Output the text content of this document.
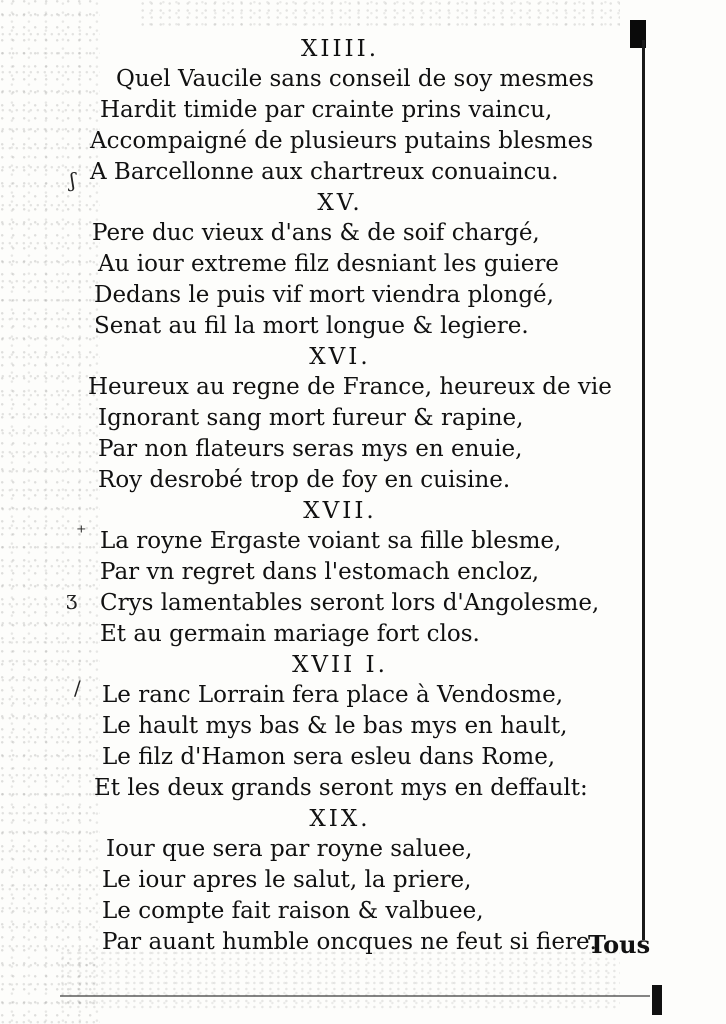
ʃ
⁺
ʒ
/
XIIII.
Quel Vaucile sans conseil de soy mesmes
Hardit timide par crainte prins vaincu,
Accompaigné de plusieurs putains blesmes
A Barcellonne aux chartreux conuaincu.
XV.
Pere duc vieux d'ans & de soif chargé,
Au iour extreme filz desniant les guiere
Dedans le puis vif mort viendra plongé,
Senat au fil la mort longue & legiere.
XVI.
Heureux au regne de France, heureux de vie
Ignorant sang mort fureur & rapine,
Par non flateurs seras mys en enuie,
Roy desrobé trop de foy en cuisine.
XVII.
La royne Ergaste voiant sa fille blesme,
Par vn regret dans l'estomach encloz,
Crys lamentables seront lors d'Angolesme,
Et au germain mariage fort clos.
XVII I.
Le ranc Lorrain fera place à Vendosme,
Le hault mys bas & le bas mys en hault,
Le filz d'Hamon sera esleu dans Rome,
Et les deux grands seront mys en deffault:
XIX.
Iour que sera par royne saluee,
Le iour apres le salut, la priere,
Le compte fait raison & valbuee,
Par auant humble oncques ne feut si fiere.
Tous
